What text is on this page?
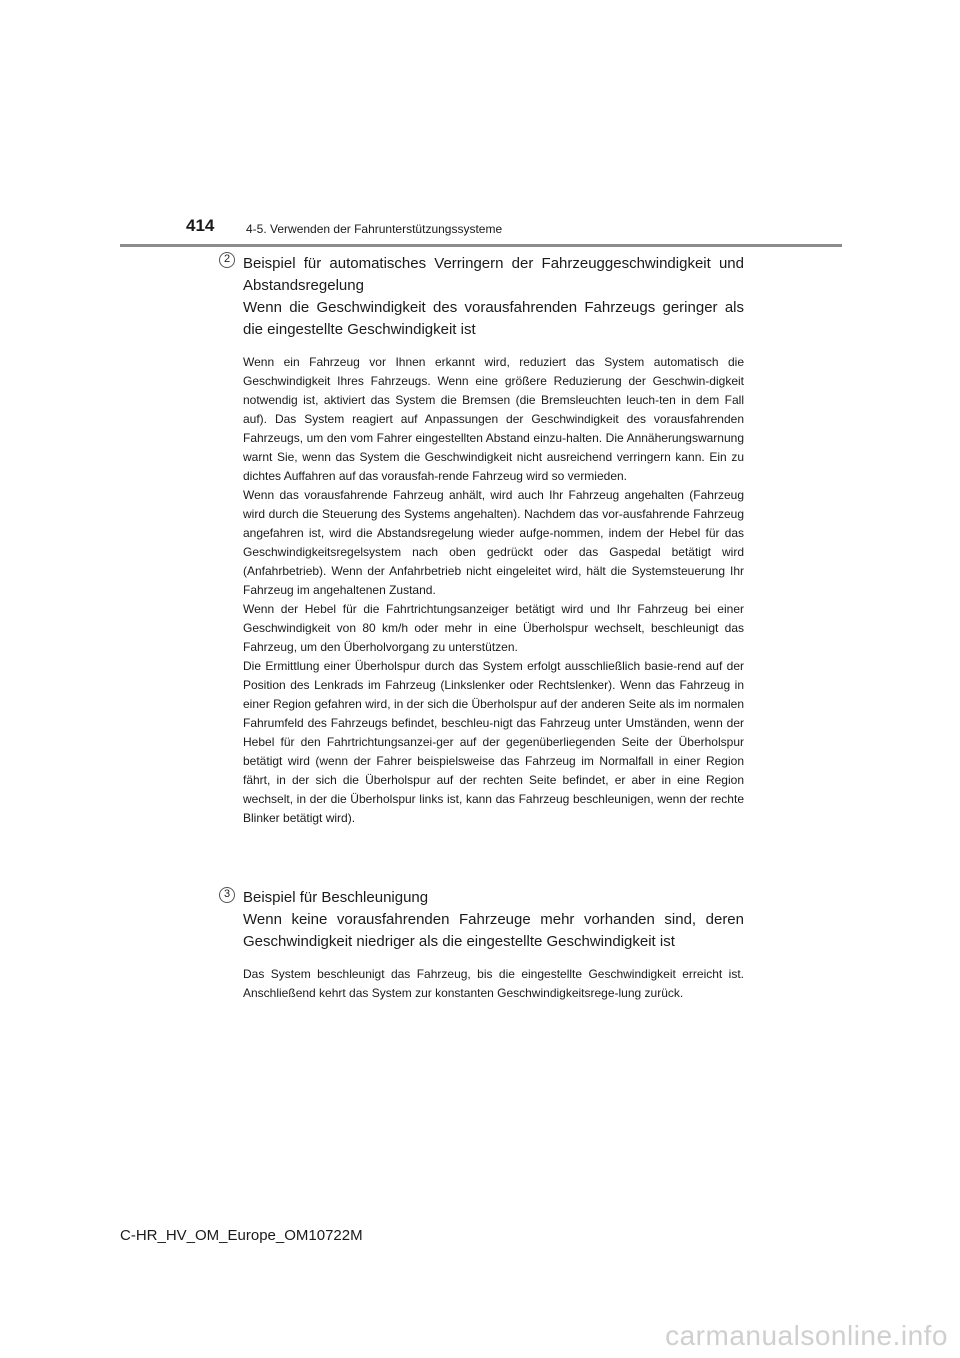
414	4-5. Verwenden der Fahrunterstützungssysteme
2 Beispiel für automatisches Verringern der Fahrzeuggeschwindigkeit und Abstandsregelung

Wenn die Geschwindigkeit des vorausfahrenden Fahrzeugs geringer als die eingestellte Geschwindigkeit ist

Wenn ein Fahrzeug vor Ihnen erkannt wird, reduziert das System automatisch die Geschwindigkeit Ihres Fahrzeugs. Wenn eine größere Reduzierung der Geschwin-digkeit notwendig ist, aktiviert das System die Bremsen (die Bremsleuchten leuch-ten in dem Fall auf). Das System reagiert auf Anpassungen der Geschwindigkeit des vorausfahrenden Fahrzeugs, um den vom Fahrer eingestellten Abstand einzu-halten. Die Annäherungswarnung warnt Sie, wenn das System die Geschwindigkeit nicht ausreichend verringern kann. Ein zu dichtes Auffahren auf das vorausfah-rende Fahrzeug wird so vermieden.

Wenn das vorausfahrende Fahrzeug anhält, wird auch Ihr Fahrzeug angehalten (Fahrzeug wird durch die Steuerung des Systems angehalten). Nachdem das vor-ausfahrende Fahrzeug angefahren ist, wird die Abstandsregelung wieder aufge-nommen, indem der Hebel für das Geschwindigkeitsregelsystem nach oben gedrückt oder das Gaspedal betätigt wird (Anfahrbetrieb). Wenn der Anfahrbetrieb nicht eingeleitet wird, hält die Systemsteuerung Ihr Fahrzeug im angehaltenen Zustand.

Wenn der Hebel für die Fahrtrichtungsanzeiger betätigt wird und Ihr Fahrzeug bei einer Geschwindigkeit von 80 km/h oder mehr in eine Überholspur wechselt, beschleunigt das Fahrzeug, um den Überholvorgang zu unterstützen.

Die Ermittlung einer Überholspur durch das System erfolgt ausschließlich basie-rend auf der Position des Lenkrads im Fahrzeug (Linkslenker oder Rechtslenker). Wenn das Fahrzeug in einer Region gefahren wird, in der sich die Überholspur auf der anderen Seite als im normalen Fahrumfeld des Fahrzeugs befindet, beschleu-nigt das Fahrzeug unter Umständen, wenn der Hebel für den Fahrtrichtungsanzei-ger auf der gegenüberliegenden Seite der Überholspur betätigt wird (wenn der Fahrer beispielsweise das Fahrzeug im Normalfall in einer Region fährt, in der sich die Überholspur auf der rechten Seite befindet, er aber in eine Region wechselt, in der die Überholspur links ist, kann das Fahrzeug beschleunigen, wenn der rechte Blinker betätigt wird).

3 Beispiel für Beschleunigung

Wenn keine vorausfahrenden Fahrzeuge mehr vorhanden sind, deren Geschwindigkeit niedriger als die eingestellte Geschwindigkeit ist

Das System beschleunigt das Fahrzeug, bis die eingestellte Geschwindigkeit erreicht ist. Anschließend kehrt das System zur konstanten Geschwindigkeitsrege-lung zurück.

C-HR_HV_OM_Europe_OM10722M
carmanualsonline.info
